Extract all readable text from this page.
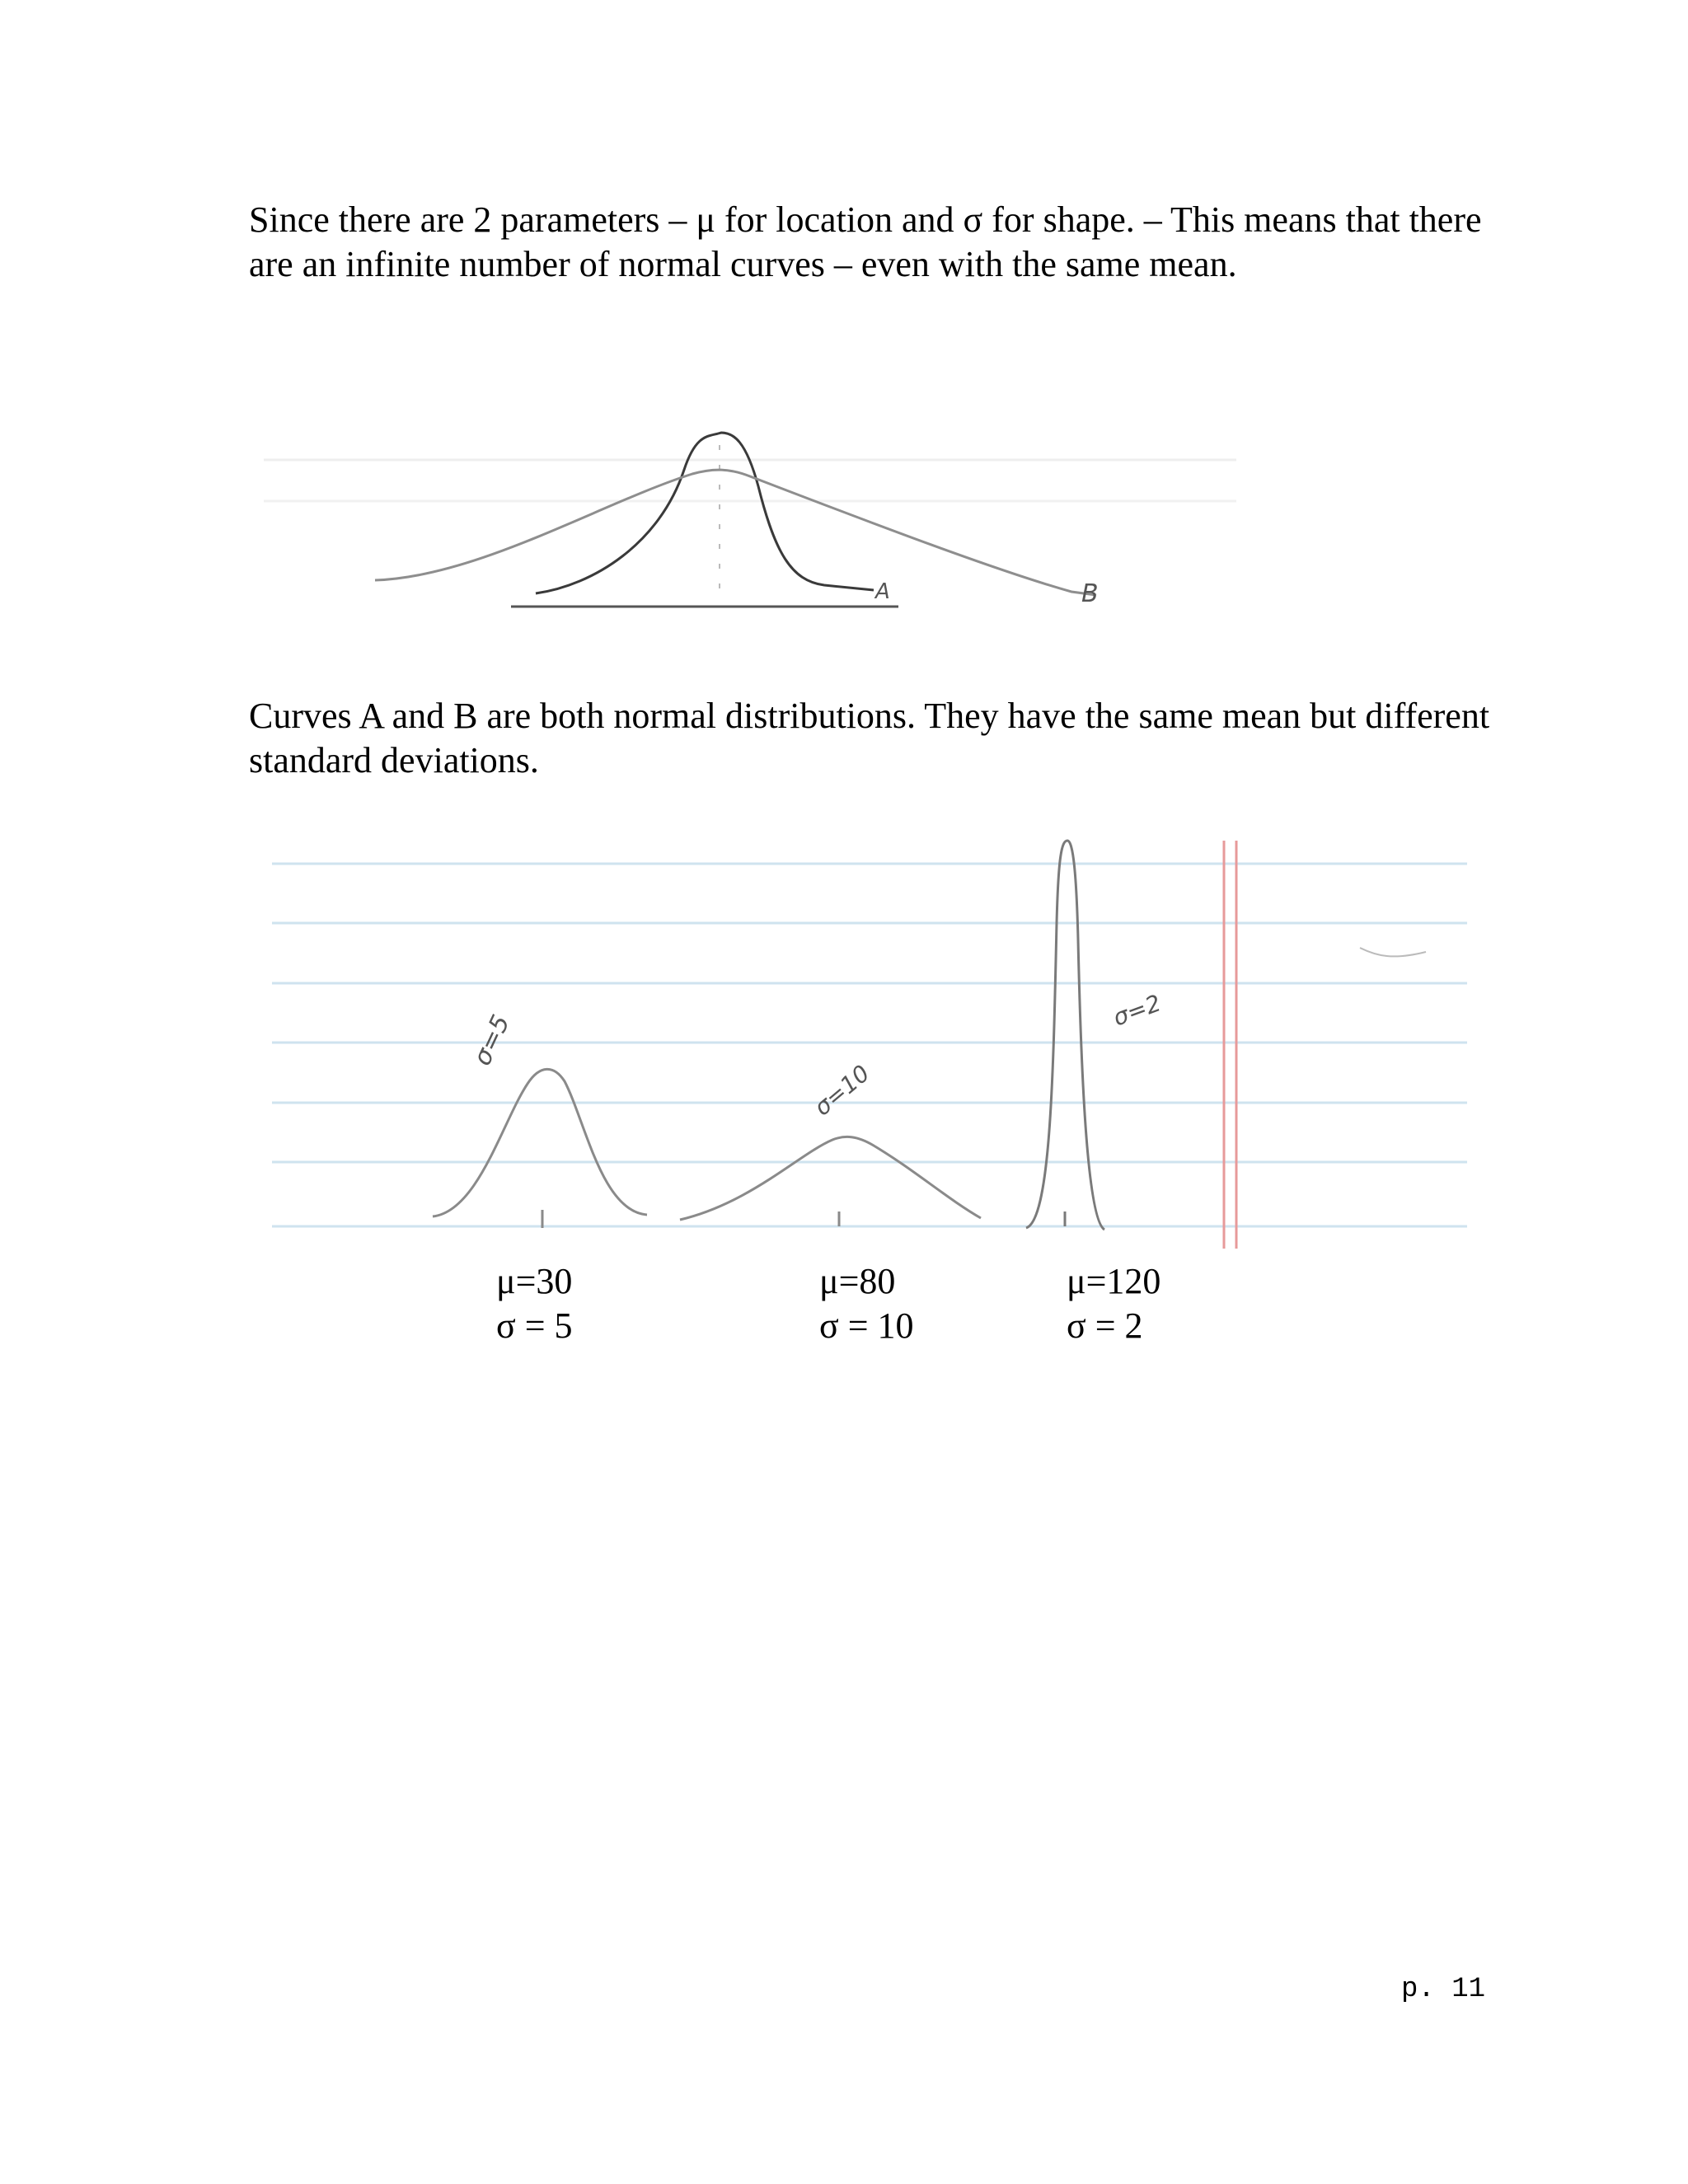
Since there are 2 parameters – μ for location and σ for shape. – This means that there are an infinite number of normal curves – even with the same mean.

A	B

Curves A and B are both normal distributions. They have the same mean but different standard deviations.

σ=5
σ=10
σ=2
μ=30
σ = 5
μ=80
σ = 10
μ=120
σ = 2
p. 11
